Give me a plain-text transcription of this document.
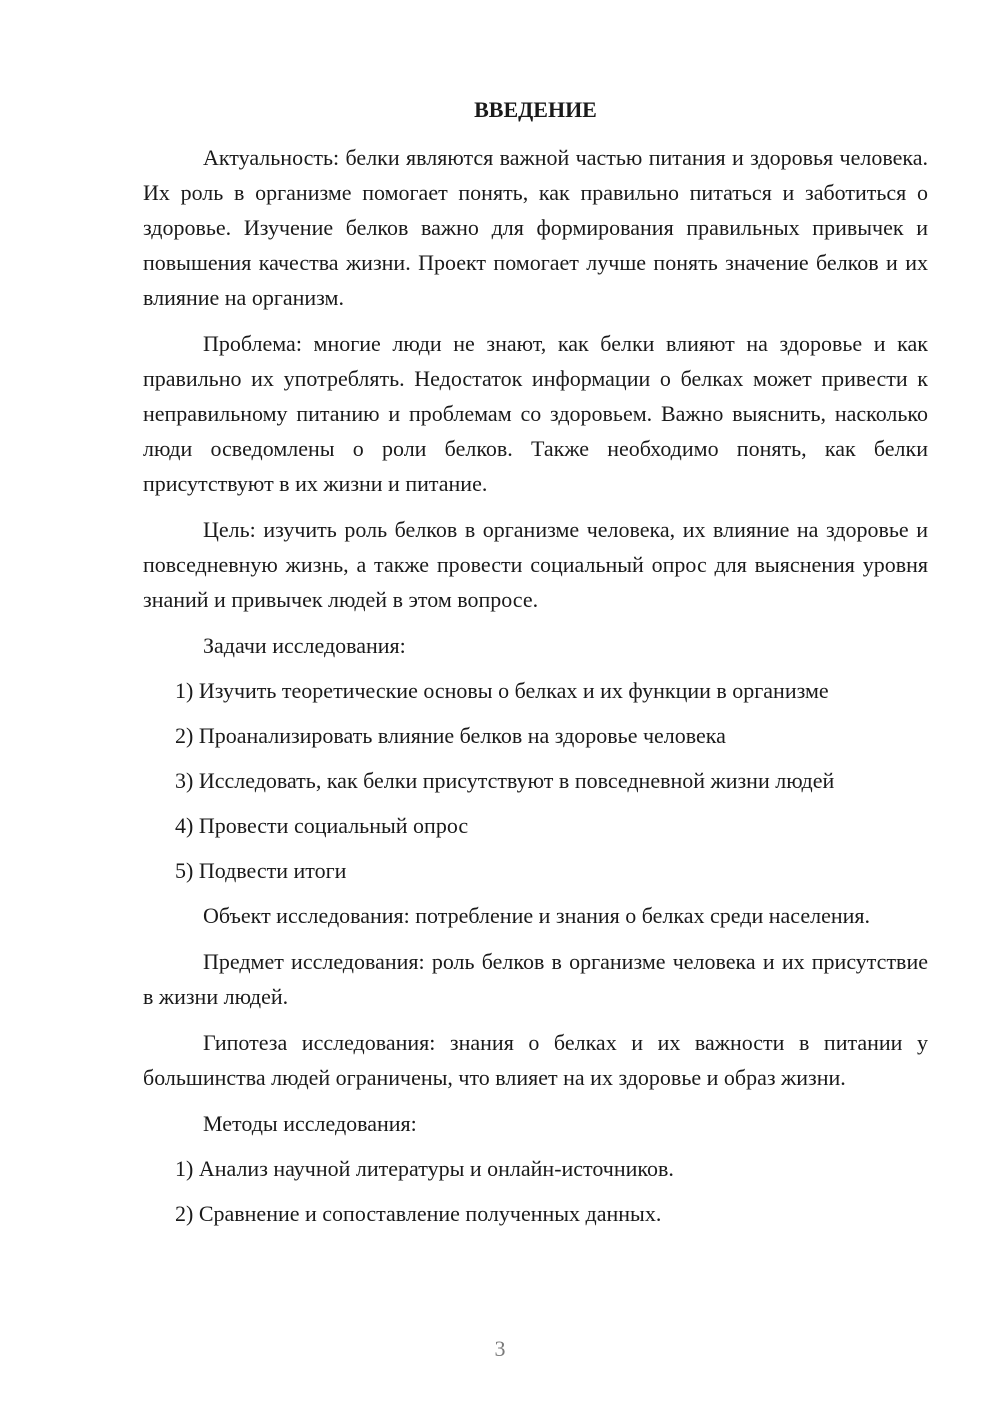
ВВЕДЕНИЕ

Актуальность: белки являются важной частью питания и здоровья человека. Их роль в организме помогает понять, как правильно питаться и заботиться о здоровье. Изучение белков важно для формирования правильных привычек и повышения качества жизни. Проект помогает лучше понять значение белков и их влияние на организм.

Проблема: многие люди не знают, как белки влияют на здоровье и как правильно их употреблять. Недостаток информации о белках может привести к неправильному питанию и проблемам со здоровьем. Важно выяснить, насколько люди осведомлены о роли белков. Также необходимо понять, как белки присутствуют в их жизни и питание.

Цель: изучить роль белков в организме человека, их влияние на здоровье и повседневную жизнь, а также провести социальный опрос для выяснения уровня знаний и привычек людей в этом вопросе.

Задачи исследования:

1) Изучить теоретические основы о белках и их функции в организме
2) Проанализировать влияние белков на здоровье человека
3) Исследовать, как белки присутствуют в повседневной жизни людей
4) Провести социальный опрос
5) Подвести итоги

Объект исследования: потребление и знания о белках среди населения.

Предмет исследования: роль белков в организме человека и их присутствие в жизни людей.

Гипотеза исследования: знания о белках и их важности в питании у большинства людей ограничены, что влияет на их здоровье и образ жизни.

Методы исследования:

1) Анализ научной литературы и онлайн-источников.
2) Сравнение и сопоставление полученных данных.
3
